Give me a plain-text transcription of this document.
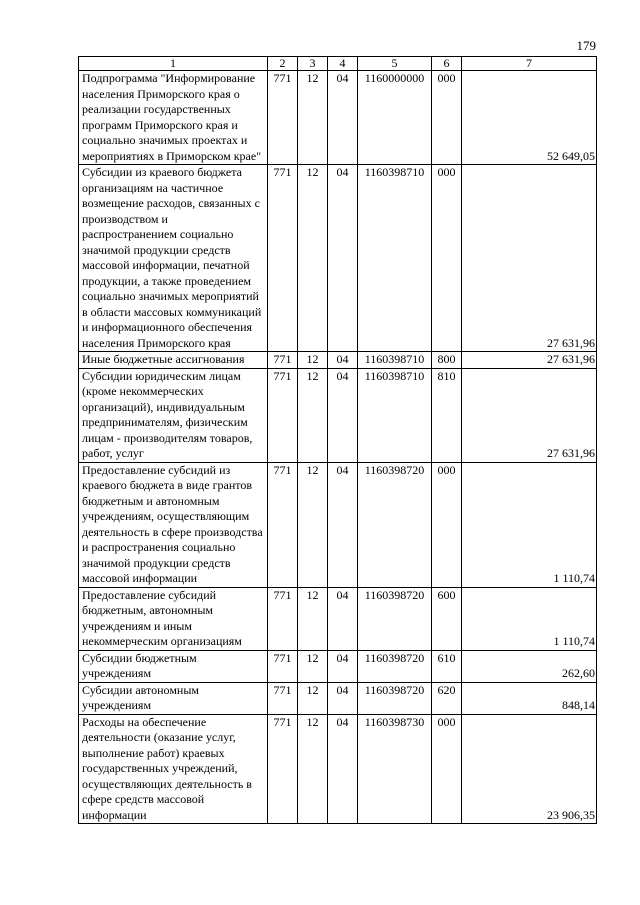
179
1	2	3	4	5	6	7
Подпрограмма "Информирование населения Приморского края о реализации государственных программ Приморского края и социально значимых проектах и мероприятиях в Приморском крае"	771	12	04	1160000000	000	52 649,05
Субсидии из краевого бюджета организациям на частичное возмещение расходов, связанных с производством и распространением социально значимой продукции средств массовой информации, печатной продукции, а также проведением социально значимых мероприятий в области массовых коммуникаций и информационного обеспечения населения Приморского края	771	12	04	1160398710	000	27 631,96
Иные бюджетные ассигнования	771	12	04	1160398710	800	27 631,96
Субсидии юридическим лицам (кроме некоммерческих организаций), индивидуальным предпринимателям, физическим лицам - производителям товаров, работ, услуг	771	12	04	1160398710	810	27 631,96
Предоставление субсидий из краевого бюджета в виде грантов бюджетным и автономным учреждениям, осуществляющим деятельность в сфере производства и распространения социально значимой продукции средств массовой информации	771	12	04	1160398720	000	1 110,74
Предоставление субсидий бюджетным, автономным учреждениям и иным некоммерческим организациям	771	12	04	1160398720	600	1 110,74
Субсидии бюджетным учреждениям	771	12	04	1160398720	610	262,60
Субсидии автономным учреждениям	771	12	04	1160398720	620	848,14
Расходы на обеспечение деятельности (оказание услуг, выполнение работ) краевых государственных учреждений, осуществляющих деятельность в сфере средств массовой информации	771	12	04	1160398730	000	23 906,35
